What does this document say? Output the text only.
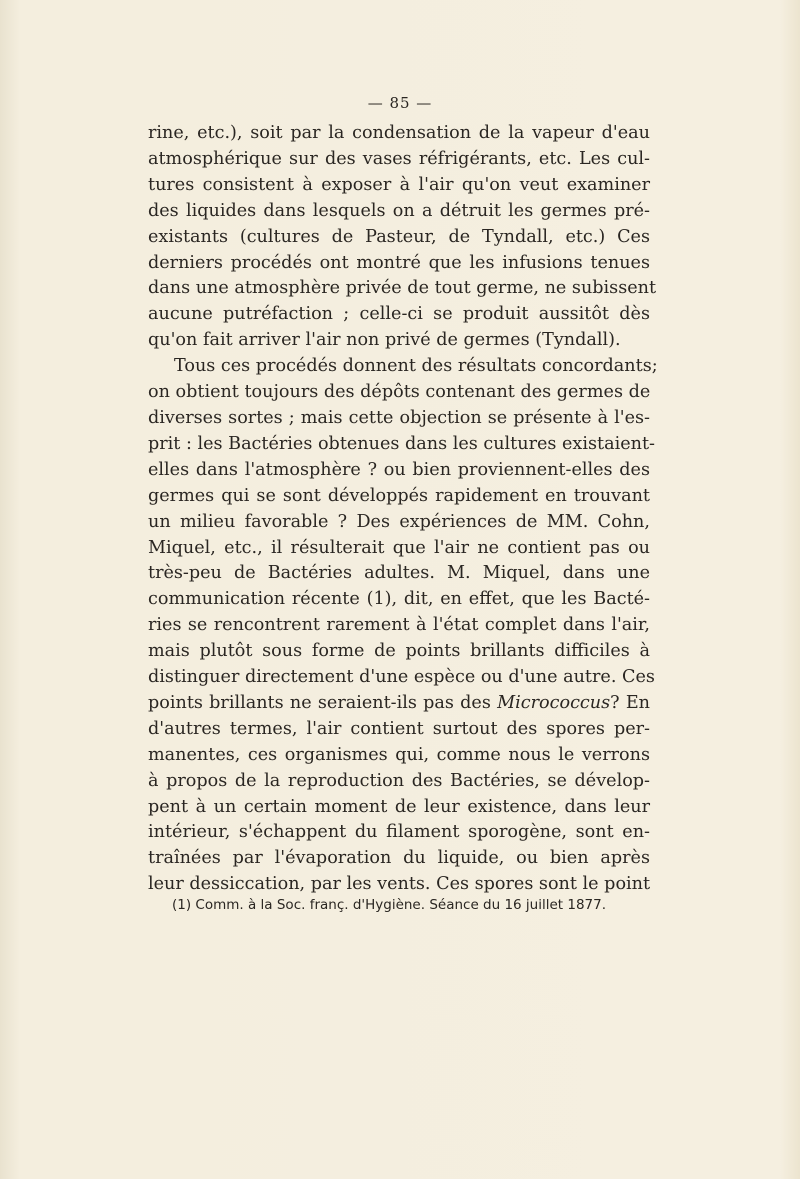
— 85 —
rine, etc.), soit par la condensation de la vapeur d'eau
atmosphérique sur des vases réfrigérants, etc. Les cul-
tures consistent à exposer à l'air qu'on veut examiner
des liquides dans lesquels on a détruit les germes pré-
existants (cultures de Pasteur, de Tyndall, etc.) Ces
derniers procédés ont montré que les infusions tenues
dans une atmosphère privée de tout germe, ne subissent
aucune putréfaction ; celle-ci se produit aussitôt dès
qu'on fait arriver l'air non privé de germes (Tyndall).
Tous ces procédés donnent des résultats concordants;
on obtient toujours des dépôts contenant des germes de
diverses sortes ; mais cette objection se présente à l'es-
prit : les Bactéries obtenues dans les cultures existaient-
elles dans l'atmosphère ? ou bien proviennent-elles des
germes qui se sont développés rapidement en trouvant
un milieu favorable ? Des expériences de MM. Cohn,
Miquel, etc., il résulterait que l'air ne contient pas ou
très-peu de Bactéries adultes. M. Miquel, dans une
communication récente (1), dit, en effet, que les Bacté-
ries se rencontrent rarement à l'état complet dans l'air,
mais plutôt sous forme de points brillants difficiles à
distinguer directement d'une espèce ou d'une autre. Ces
points brillants ne seraient-ils pas des Micrococcus? En
d'autres termes, l'air contient surtout des spores per-
manentes, ces organismes qui, comme nous le verrons
à propos de la reproduction des Bactéries, se dévelop-
pent à un certain moment de leur existence, dans leur
intérieur, s'échappent du filament sporogène, sont en-
traînées par l'évaporation du liquide, ou bien après
leur dessiccation, par les vents. Ces spores sont le point
(1) Comm. à la Soc. franç. d'Hygiène. Séance du 16 juillet 1877.
